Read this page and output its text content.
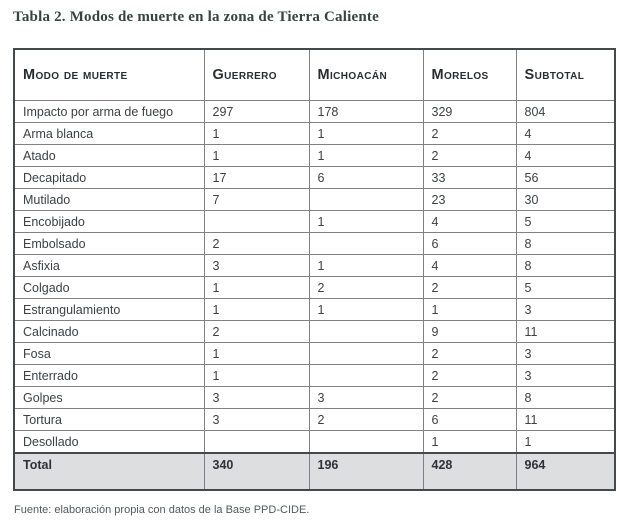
Tabla 2. Modos de muerte en la zona de Tierra Caliente
Modo de muerte	Guerrero	Michoacán	Morelos	Subtotal
Impacto por arma de fuego	297	178	329	804
Arma blanca	1	1	2	4
Atado	1	1	2	4
Decapitado	17	6	33	56
Mutilado	7		23	30
Encobijado		1	4	5
Embolsado	2		6	8
Asfixia	3	1	4	8
Colgado	1	2	2	5
Estrangulamiento	1	1	1	3
Calcinado	2		9	11
Fosa	1		2	3
Enterrado	1		2	3
Golpes	3	3	2	8
Tortura	3	2	6	11
Desollado			1	1
Total	340	196	428	964

Fuente: elaboración propia con datos de la Base PPD-CIDE.
